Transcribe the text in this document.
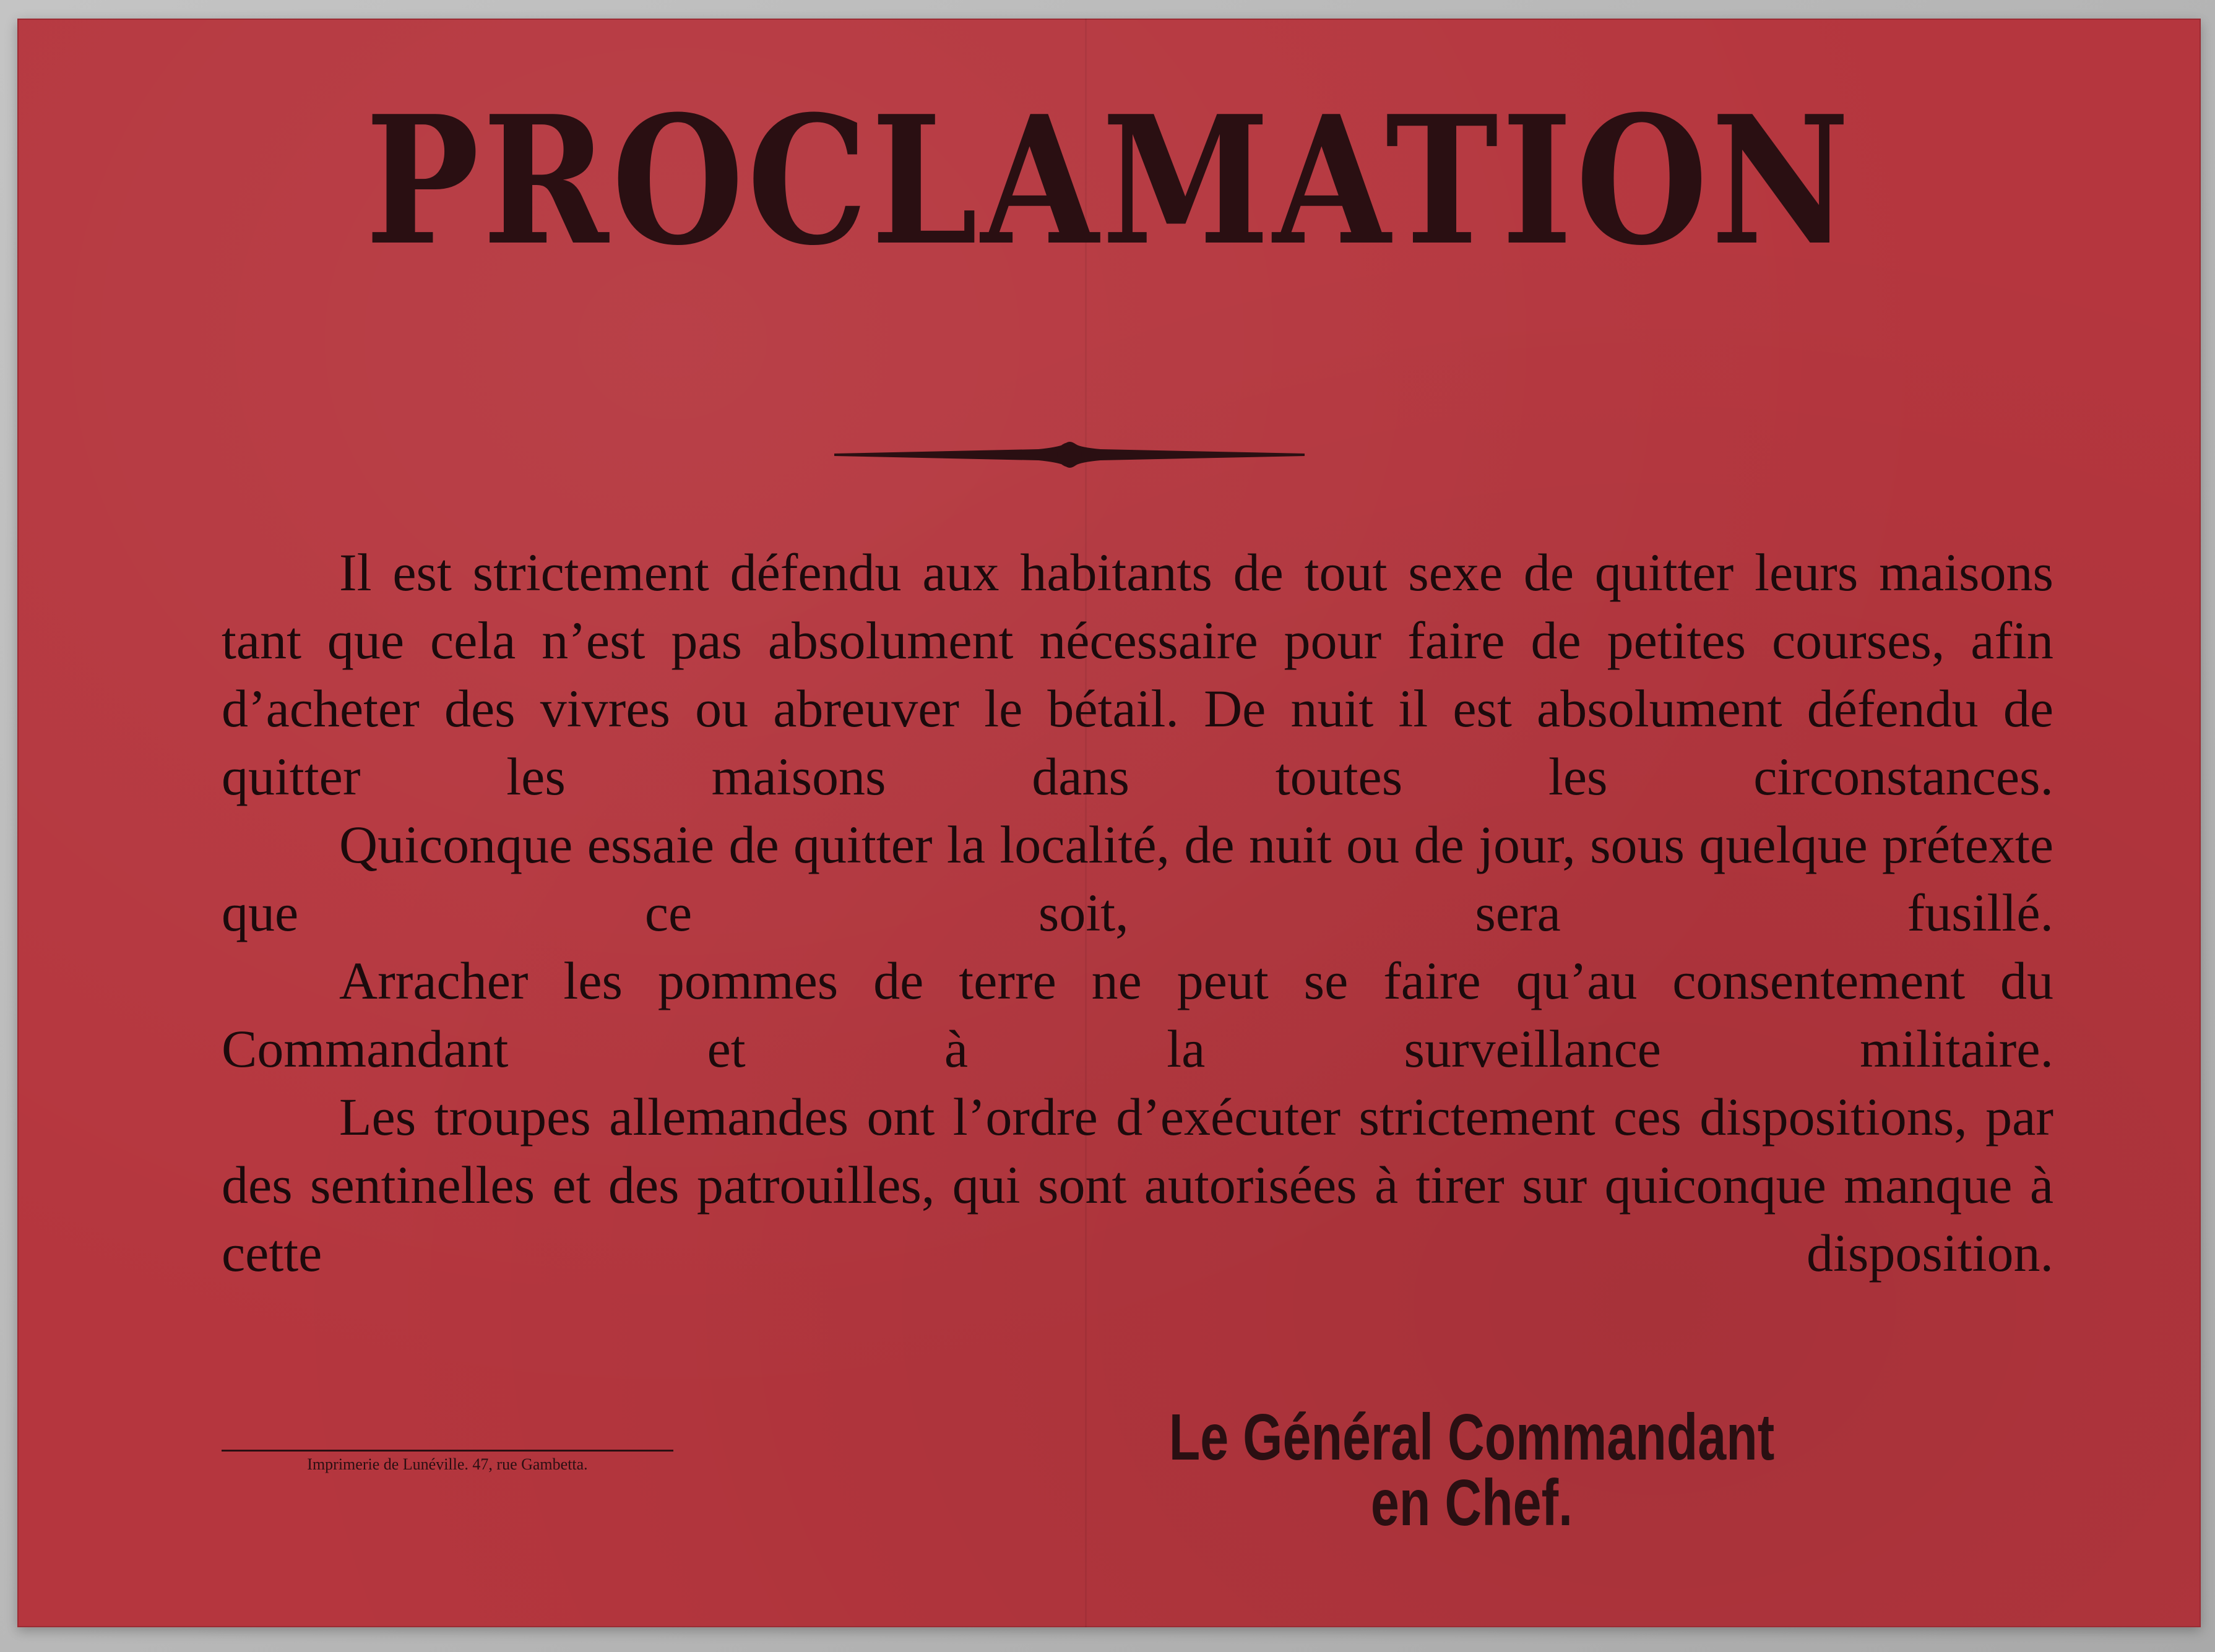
PROCLAMATION

Il est strictement défendu aux habitants de tout sexe de quitter leurs maisons tant que cela n’est pas absolument nécessaire pour faire de petites courses, afin d’acheter des vivres ou abreuver le bétail. De nuit il est absolument défendu de quitter les maisons dans toutes les circonstances.

Quiconque essaie de quitter la localité, de nuit ou de jour, sous quelque prétexte que ce soit, sera fusillé.

Arracher les pommes de terre ne peut se faire qu’au consentement du Commandant et à la surveillance militaire.

Les troupes allemandes ont l’ordre d’exécuter strictement ces dispositions, par des sentinelles et des patrouilles, qui sont autorisées à tirer sur quiconque manque à cette disposition.

Imprimerie de Lunéville. 47, rue Gambetta.	Le Général Commandant en Chef.
